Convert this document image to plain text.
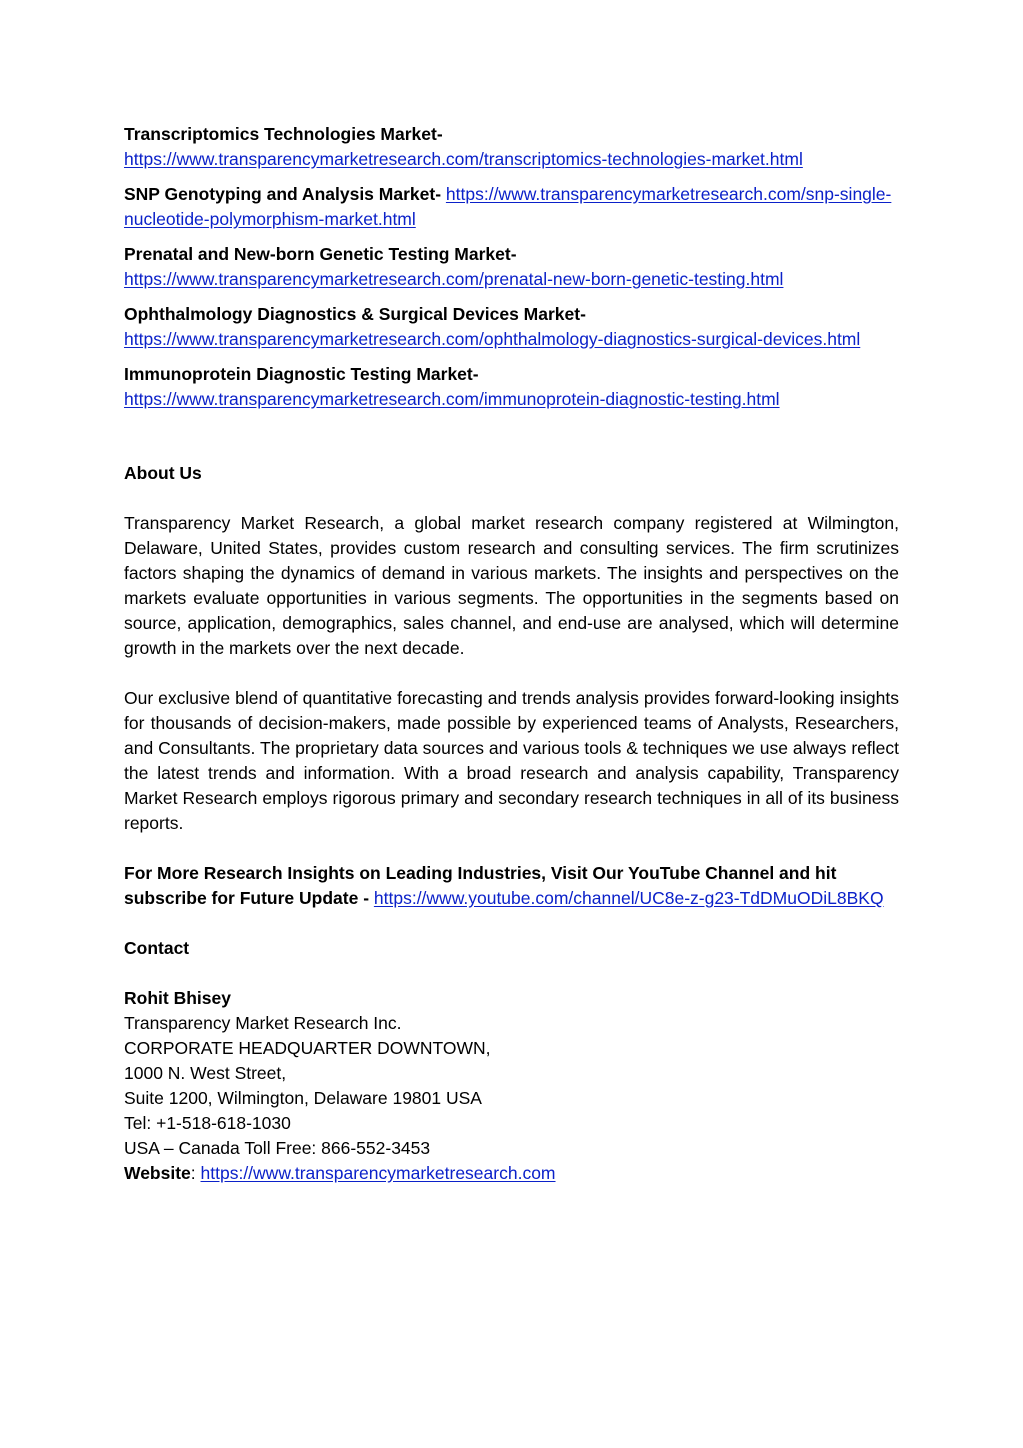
Transcriptomics Technologies Market-
https://www.transparencymarketresearch.com/transcriptomics-technologies-market.html
SNP Genotyping and Analysis Market- https://www.transparencymarketresearch.com/snp-single-nucleotide-polymorphism-market.html
Prenatal and New-born Genetic Testing Market-
https://www.transparencymarketresearch.com/prenatal-new-born-genetic-testing.html
Ophthalmology Diagnostics & Surgical Devices Market-
https://www.transparencymarketresearch.com/ophthalmology-diagnostics-surgical-devices.html
Immunoprotein Diagnostic Testing Market-
https://www.transparencymarketresearch.com/immunoprotein-diagnostic-testing.html

About Us

Transparency Market Research, a global market research company registered at Wilmington, Delaware, United States, provides custom research and consulting services. The firm scrutinizes factors shaping the dynamics of demand in various markets. The insights and perspectives on the markets evaluate opportunities in various segments. The opportunities in the segments based on source, application, demographics, sales channel, and end-use are analysed, which will determine growth in the markets over the next decade.

Our exclusive blend of quantitative forecasting and trends analysis provides forward-looking insights for thousands of decision-makers, made possible by experienced teams of Analysts, Researchers, and Consultants. The proprietary data sources and various tools & techniques we use always reflect the latest trends and information. With a broad research and analysis capability, Transparency Market Research employs rigorous primary and secondary research techniques in all of its business reports.

For More Research Insights on Leading Industries, Visit Our YouTube Channel and hit subscribe for Future Update - https://www.youtube.com/channel/UC8e-z-g23-TdDMuODiL8BKQ

Contact

Rohit Bhisey
Transparency Market Research Inc.
CORPORATE HEADQUARTER DOWNTOWN,
1000 N. West Street,
Suite 1200, Wilmington, Delaware 19801 USA
Tel: +1-518-618-1030
USA – Canada Toll Free: 866-552-3453
Website: https://www.transparencymarketresearch.com
